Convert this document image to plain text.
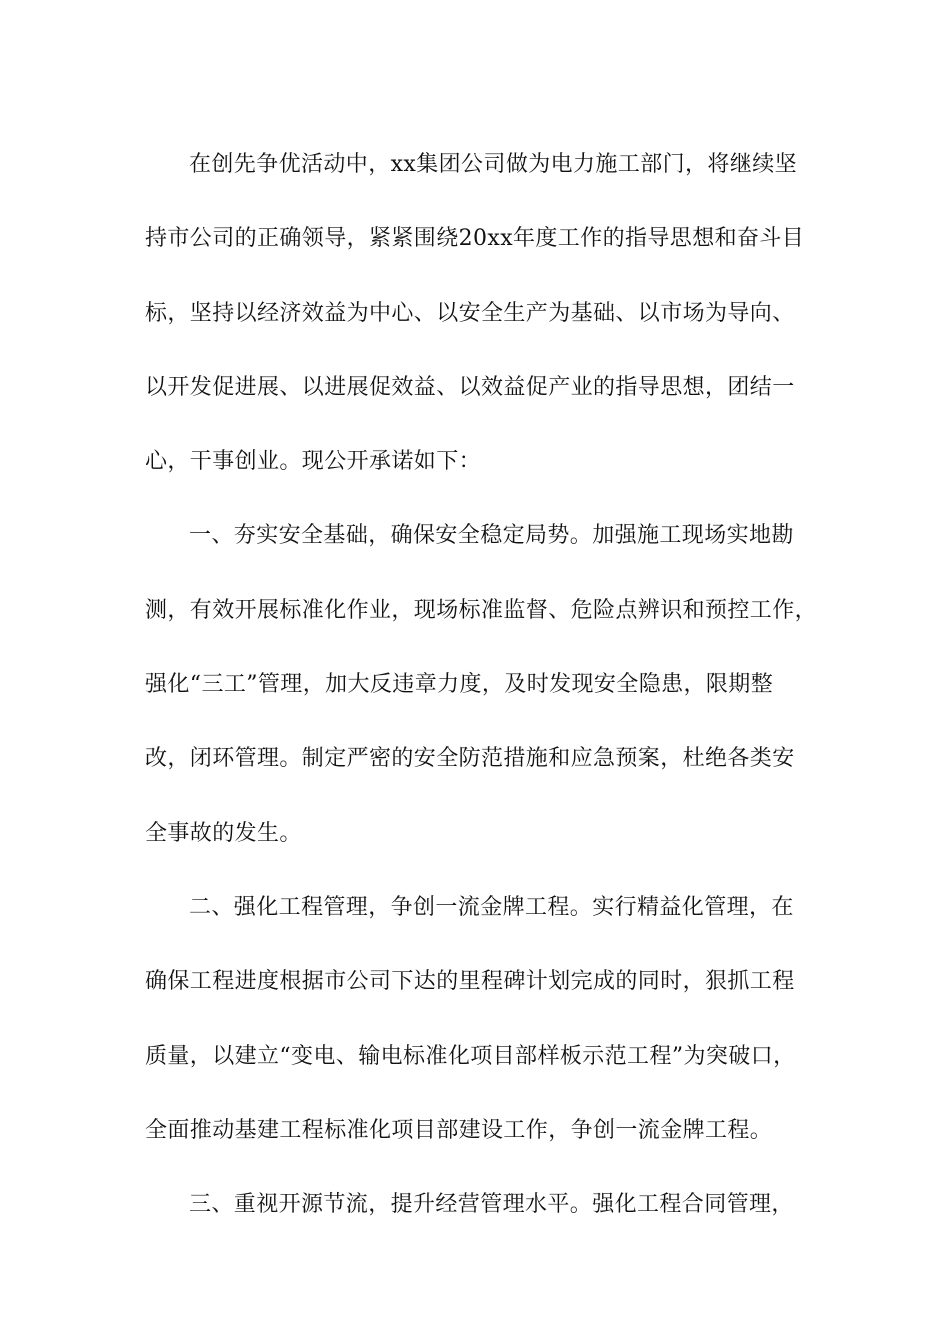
在创先争优活动中，xx集团公司做为电力施工部门，将继续坚
持市公司的正确领导，紧紧围绕20xx年度工作的指导思想和奋斗目
标，坚持以经济效益为中心、以安全生产为基础、以市场为导向、
以开发促进展、以进展促效益、以效益促产业的指导思想，团结一
心，干事创业。现公开承诺如下：
一、夯实安全基础，确保安全稳定局势。加强施工现场实地勘
测，有效开展标准化作业，现场标准监督、危险点辨识和预控工作，
强化“三工”管理，加大反违章力度，及时发现安全隐患，限期整
改，闭环管理。制定严密的安全防范措施和应急预案，杜绝各类安
全事故的发生。
二、强化工程管理，争创一流金牌工程。实行精益化管理，在
确保工程进度根据市公司下达的里程碑计划完成的同时，狠抓工程
质量，以建立“变电、输电标准化项目部样板示范工程”为突破口，
全面推动基建工程标准化项目部建设工作，争创一流金牌工程。
三、重视开源节流，提升经营管理水平。强化工程合同管理，
